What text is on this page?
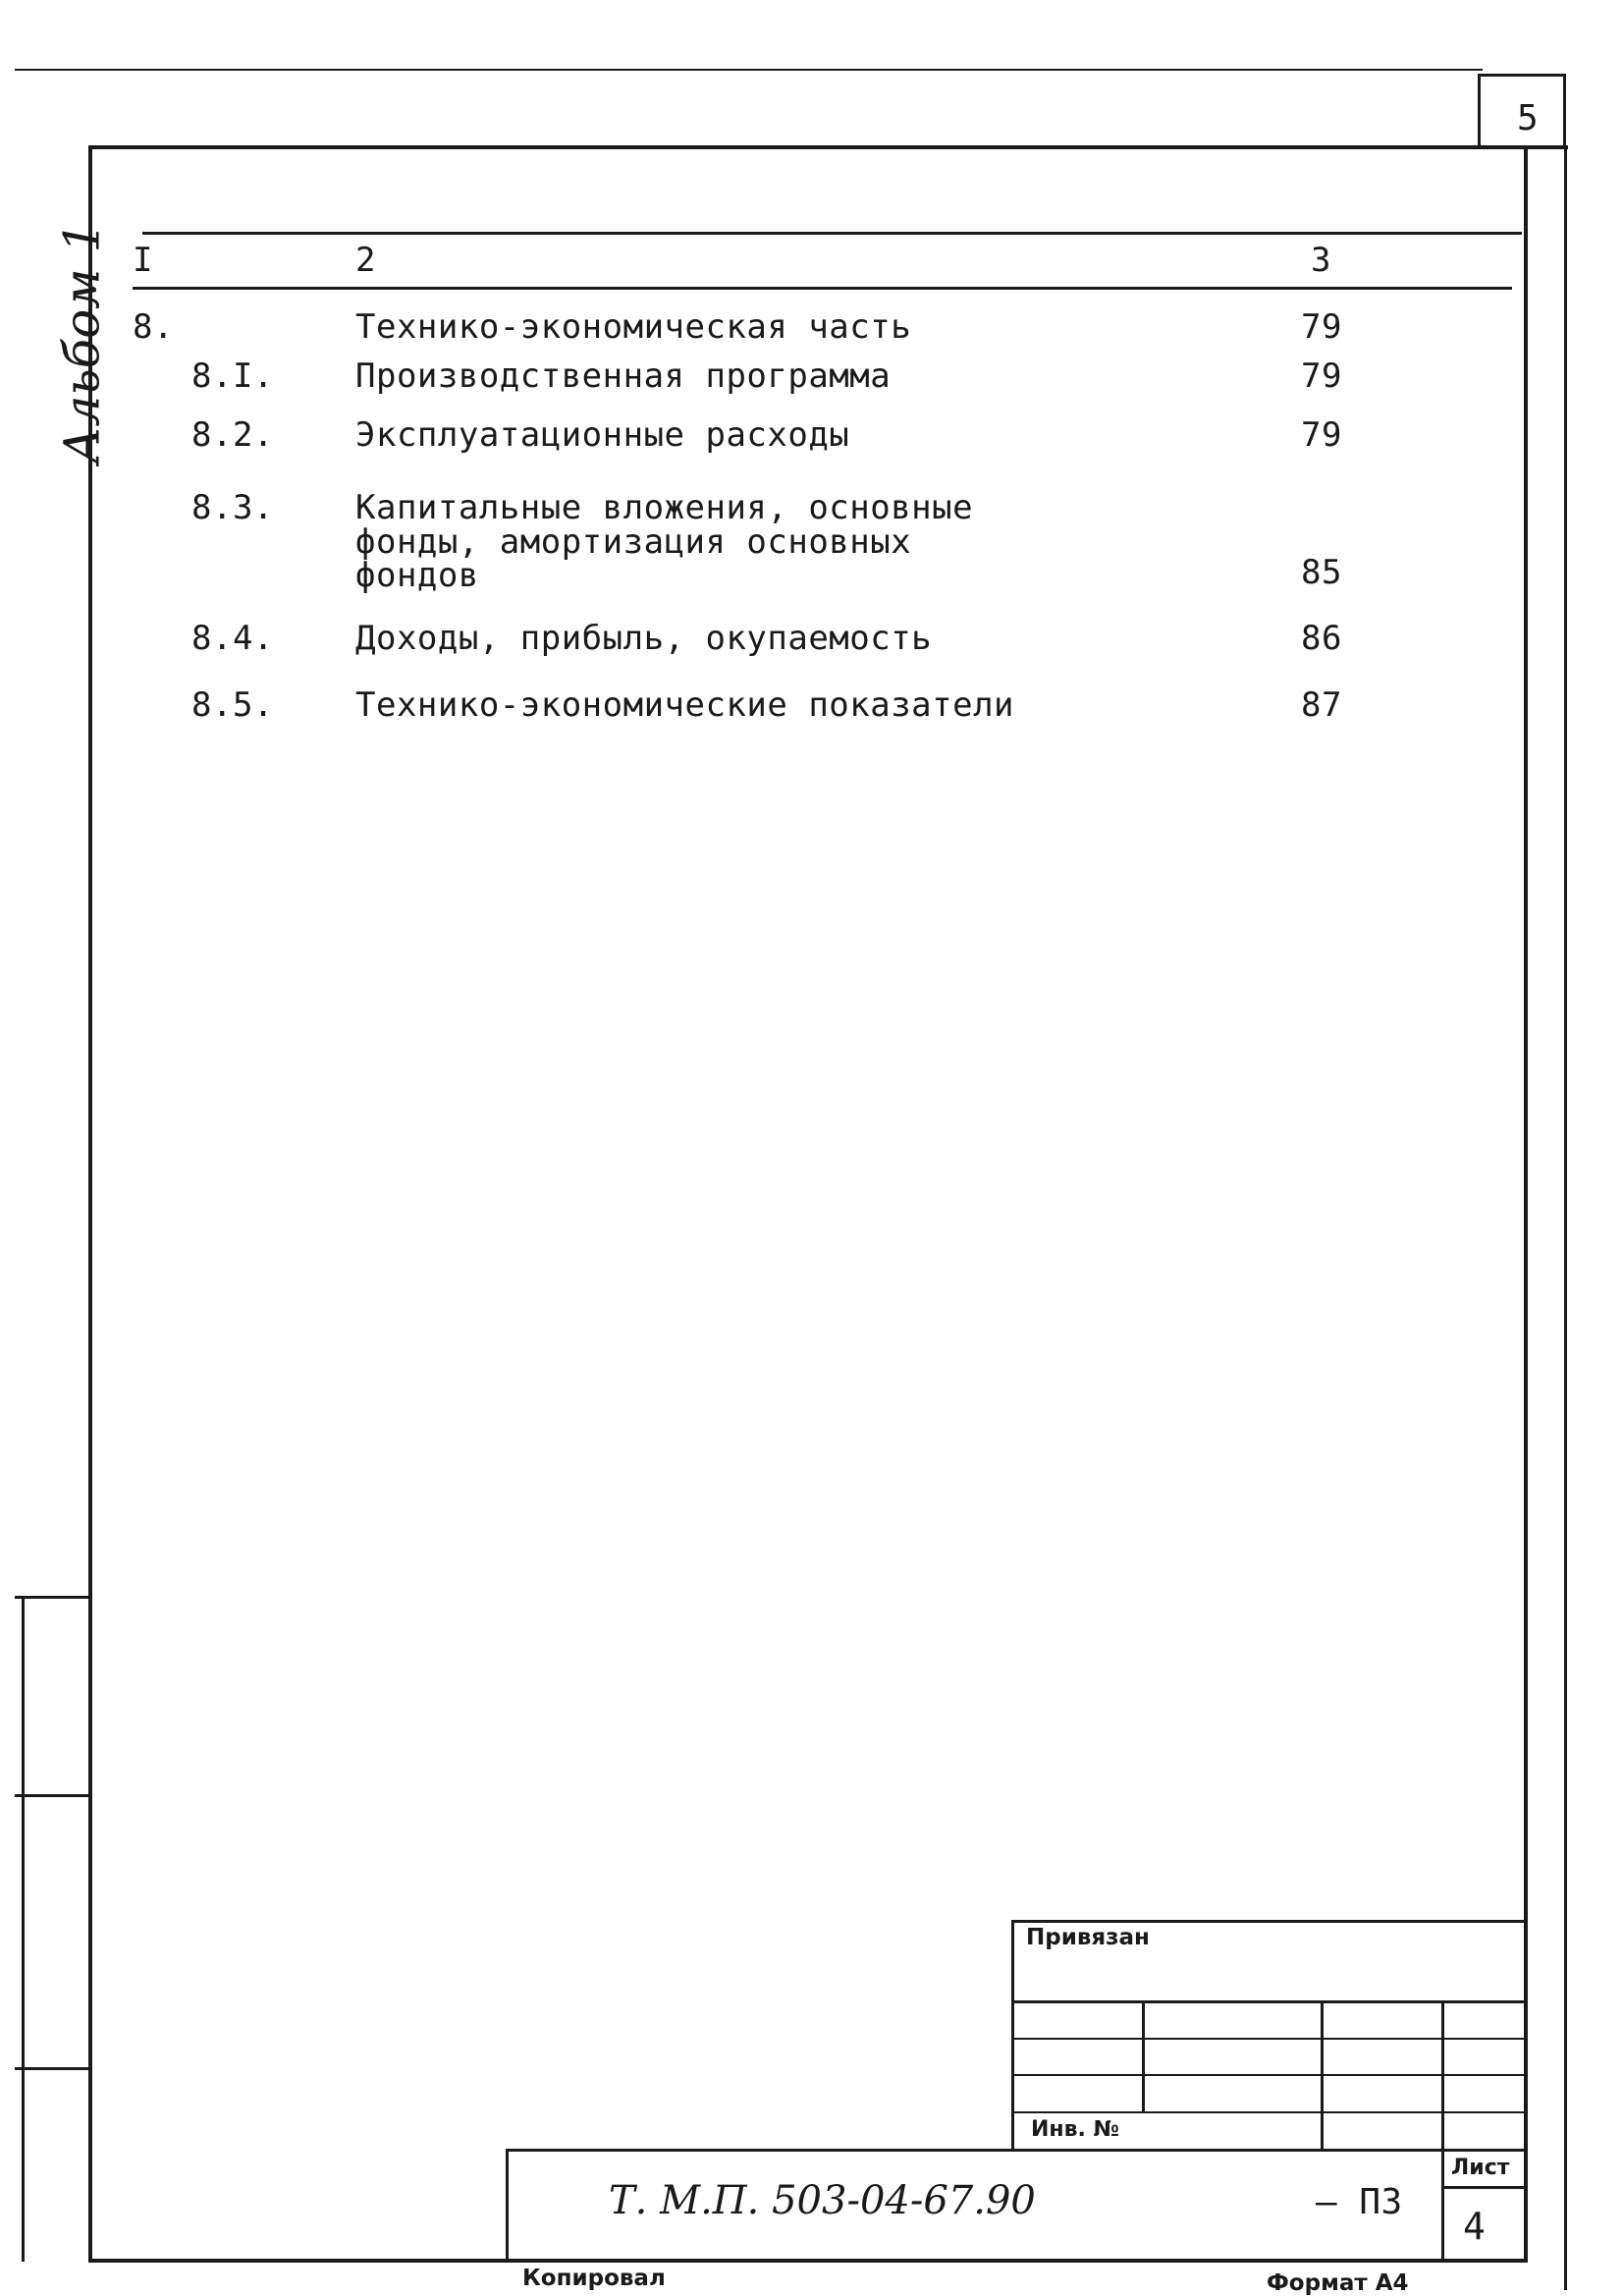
5
Альбом 1 I	2	3
8.	Технико-экономическая часть	79
8.I. Производственная программа	79
8.2. Эксплуатационные расходы	79
8.3. Капитальные вложения, основные
фонды, амортизация основных
фондов	85
8.4. Доходы, прибыль, окупаемость	86
8.5. Технико-экономические показатели	87
Привязан
Инв. №
Т. М.П. 503-04-67.90	– ПЗ
Лист
4
Копировал	Формат А4
